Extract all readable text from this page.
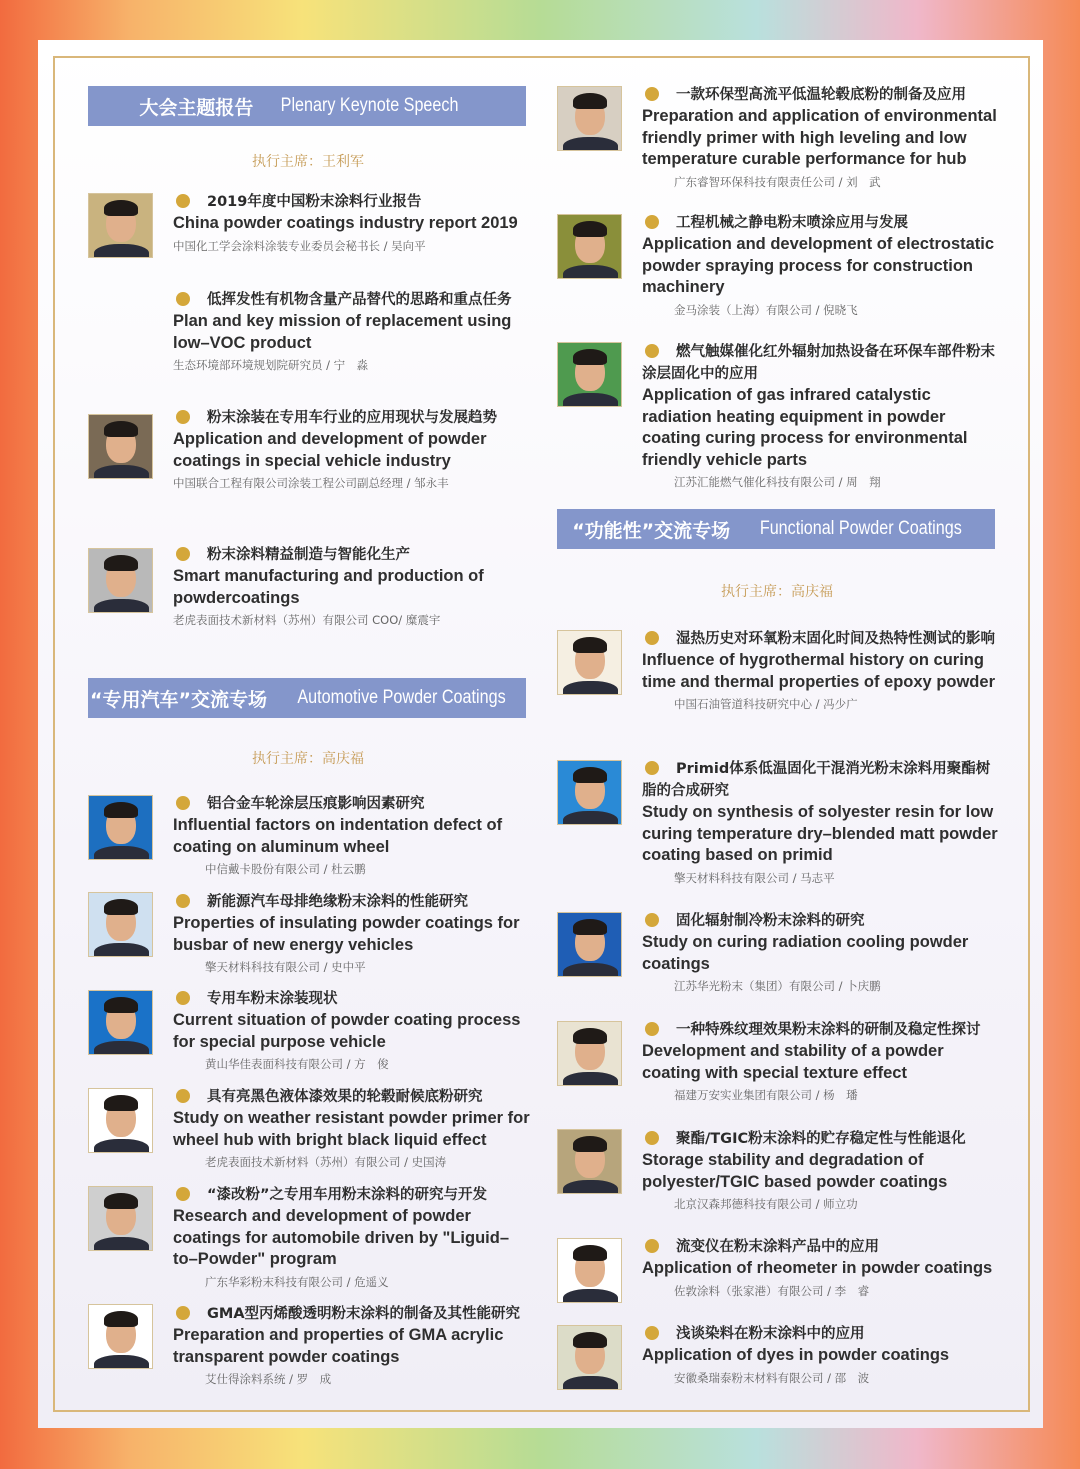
大会主题报告 Plenary Keynote Speech
执行主席：王利军
“专用汽车”交流专场 Automotive Powder Coatings
执行主席：高庆福
“功能性”交流专场 Functional Powder Coatings
执行主席：高庆福
2019年度中国粉末涂料行业报告
China powder coatings industry report 2019
中国化工学会涂料涂装专业委员会秘书长 / 吴向平
低挥发性有机物含量产品替代的思路和重点任务
Plan and key mission of replacement using low–VOC product
生态环境部环境规划院研究员 / 宁　淼
粉末涂装在专用车行业的应用现状与发展趋势
Application and development of powder coatings in special vehicle industry
中国联合工程有限公司涂装工程公司副总经理 / 邹永丰
粉末涂料精益制造与智能化生产
Smart manufacturing and production of powdercoatings
老虎表面技术新材料（苏州）有限公司 COO/ 糜震宇
铝合金车轮涂层压痕影响因素研究
Influential factors on indentation defect of coating on aluminum wheel
中信戴卡股份有限公司 / 杜云鹏
新能源汽车母排绝缘粉末涂料的性能研究
Properties of insulating powder coatings for busbar of new energy vehicles
擎天材料科技有限公司 / 史中平
专用车粉末涂装现状
Current situation of powder coating process for special purpose vehicle
黄山华佳表面科技有限公司 / 方　俊
具有亮黑色液体漆效果的轮毂耐候底粉研究
Study on weather resistant powder primer for wheel hub with bright black liquid effect
老虎表面技术新材料（苏州）有限公司 / 史国涛
“漆改粉”之专用车用粉末涂料的研究与开发
Research and development of powder coatings for automobile driven by "Liguid–to–Powder" program
广东华彩粉末科技有限公司 / 危遥义
GMA型丙烯酸透明粉末涂料的制备及其性能研究
Preparation and properties of GMA acrylic transparent powder coatings
艾仕得涂料系统 / 罗　成
一款环保型高流平低温轮毂底粉的制备及应用
Preparation and application of environmental friendly primer with high leveling and low temperature curable performance for hub
广东睿智环保科技有限责任公司 / 刘　武
工程机械之静电粉末喷涂应用与发展
Application and development of electrostatic powder spraying process for construction machinery
金马涂装（上海）有限公司 / 倪晓飞
燃气触媒催化红外辐射加热设备在环保车部件粉末涂层固化中的应用
Application of gas infrared catalystic radiation heating equipment in powder coating curing process for environmental friendly vehicle parts
江苏汇能燃气催化科技有限公司 / 周　翔
湿热历史对环氧粉末固化时间及热特性测试的影响
Influence of hygrothermal history on curing time and thermal properties of epoxy powder
中国石油管道科技研究中心 / 冯少广
Primid体系低温固化干混消光粉末涂料用聚酯树脂的合成研究
Study on synthesis of solyester resin for low curing temperature dry–blended matt powder coating based on primid
擎天材料科技有限公司 / 马志平
固化辐射制冷粉末涂料的研究
Study on curing radiation cooling powder coatings
江苏华光粉末（集团）有限公司 / 卜庆鹏
一种特殊纹理效果粉末涂料的研制及稳定性探讨
Development and stability of a powder coating with special texture effect
福建万安实业集团有限公司 / 杨　璠
聚酯/TGIC粉末涂料的贮存稳定性与性能退化
Storage stability and degradation of polyester/TGIC based powder coatings
北京汉森邦德科技有限公司 / 师立功
流变仪在粉末涂料产品中的应用
Application of rheometer in powder coatings
佐敦涂料（张家港）有限公司 / 李　睿
浅谈染料在粉末涂料中的应用
Application of dyes in powder coatings
安徽桑瑞泰粉末材料有限公司 / 邵　波
